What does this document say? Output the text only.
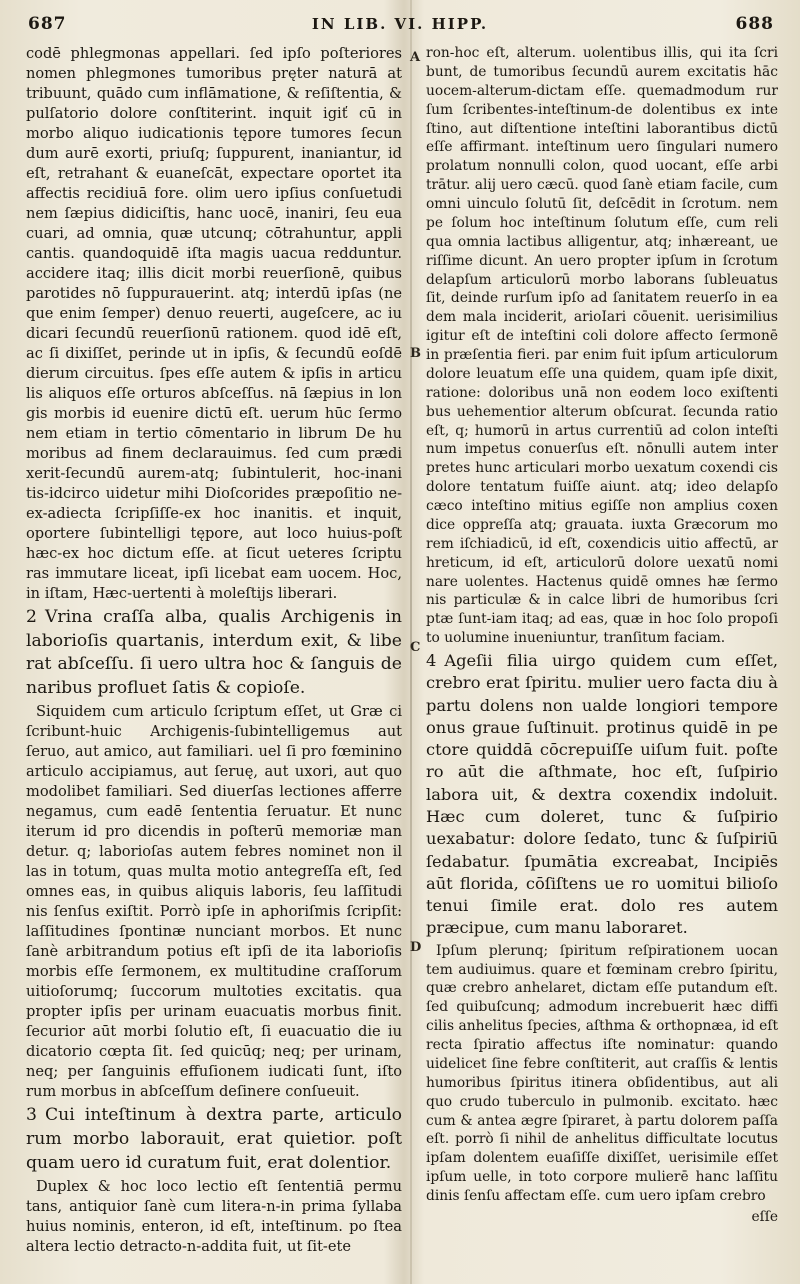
687	IN LIB. VI. HIPP.	688
A
B
C
D

codē phlegmonas appellari. ſed ipſo poſteriores nomen phlegmones tumoribus pręter naturā at tribuunt, quādo cum inflāmatione, & reſiſtentia, & pulſatorio dolore conſtiterint. inquit igiť cū in morbo aliquo iudicationis tępore tumores ſecun dum aurē exorti, priuſq; ſuppurent, inaniantur, id eſt, retrahant & euaneſcāt, expectare oportet ita affectis recidiuā fore. olim uero ipſius conſuetudi nem ſæpius didiciſtis, hanc uocē, inaniri, ſeu eua cuari, ad omnia, quæ utcunq; cōtrahuntur, appli cantis. quandoquidē iſta magis uacua redduntur. accidere itaq; illis dicit morbi reuerſionē, quibus parotides nō ſuppurauerint. atq; interdū ipſas (ne que enim ſemper) denuo reuerti, augeſcere, ac iu dicari ſecundū reuerſionū rationem. quod idē eſt, ac ſi dixiſſet, perinde ut in ipſis, & ſecundū eoſdē dierum circuitus. ſpes eſſe autem & ipſis in articu lis aliquos eſſe orturos abſceſſus. nā ſæpius in lon gis morbis id euenire dictū eſt. uerum hūc ſermo nem etiam in tertio cōmentario in librum De hu moribus ad finem declarauimus. ſed cum prædi xerit-ſecundū aurem-atq; ſubintulerit, hoc-inani tis-idcirco uidetur mihi Dioſcorides præpoſitio ne-ex-adiecta ſcripſiſſe-ex hoc inanitis. et inquit, oportere ſubintelligi tępore, aut loco huius-poſt hæc-ex hoc dictum eſſe. at ſicut ueteres ſcriptu ras immutare liceat, ipſi licebat eam uocem. Hoc, in iſtam, Hæc-uertenti à moleſtijs liberari.

2 Vrina craſſa alba, qualis Archigenis in laborioſis quartanis, interdum exit, & libe rat abſceſſu. ſi uero ultra hoc & ſanguis de naribus profluet ſatis & copioſe.

Siquidem cum articulo ſcriptum eſſet, ut Græ ci ſcribunt-huic Archigenis-ſubintelligemus aut ſeruo, aut amico, aut familiari. uel ſi pro fœminino articulo accipiamus, aut ſeruę, aut uxori, aut quo modolibet familiari. Sed diuerſas lectiones afferre negamus, cum eadē ſententia ſeruatur. Et nunc iterum id pro dicendis in poſterū memoriæ man detur. q; laborioſas autem febres nominet non il las in totum, quas multa motio antegreſſa eſt, ſed omnes eas, in quibus aliquis laboris, ſeu laſſitudi nis ſenſus exiſtit. Porrò ipſe in aphoriſmis ſcripſit: laſſitudines ſpontinæ nunciant morbos. Et nunc ſanè arbitrandum potius eſt ipſi de ita laborioſis morbis eſſe ſermonem, ex multitudine craſſorum uitioſorumq; ſuccorum multoties excitatis. qua propter ipſis per urinam euacuatis morbus finit. ſecurior aūt morbi ſolutio eſt, ſi euacuatio die iu dicatorio cœpta ſit. ſed quicūq; neq; per urinam, neq; per ſanguinis effuſionem iudicati ſunt, iſto rum morbus in abſceſſum deſinere conſueuit.

3 Cui inteſtinum à dextra parte, articulo rum morbo laborauit, erat quietior. poſt quam uero id curatum fuit, erat dolentior.

Duplex & hoc loco lectio eſt ſententiā permu tans, antiquior ſanè cum litera-n-in prima ſyllaba huius nominis, enteron, id eſt, inteſtinum. po ſtea altera lectio detracto-n-addita fuit, ut ſit-ete

ron-hoc eſt, alterum. uolentibus illis, qui ita ſcri bunt, de tumoribus ſecundū aurem excitatis hāc uocem-alterum-dictam eſſe. quemadmodum rur ſum ſcribentes-inteſtinum-de dolentibus ex inte ſtino, aut diſtentione inteſtini laborantibus dictū eſſe affirmant. inteſtinum uero ſingulari numero prolatum nonnulli colon, quod uocant, eſſe arbi trātur. alij uero cæcū. quod ſanè etiam facile, cum omni uinculo ſolutū ſit, deſcēdit in ſcrotum. nem pe ſolum hoc inteſtinum ſolutum eſſe, cum reli qua omnia lactibus alligentur, atq; inhæreant, ue riſſime dicunt. An uero propter ipſum in ſcrotum delapſum articulorū morbo laborans ſubleuatus ſit, deinde rurſum ipſo ad ſanitatem reuerſo in ea dem mala inciderit, arioIari cōuenit. uerisimilius igitur eſt de inteſtini coli dolore affecto ſermonē in præſentia fieri. par enim fuit ipſum articulorum dolore leuatum eſſe una quidem, quam ipſe dixit, ratione: doloribus unā non eodem loco exiſtenti bus uehementior alterum obſcurat. ſecunda ratio eſt, q; humorū in artus currentiū ad colon inteſti num impetus conuerſus eſt. nōnulli autem inter pretes hunc articulari morbo uexatum coxendi cis dolore tentatum fuiſſe aiunt. atq; ideo delapſo cæco inteſtino mitius egiſſe non amplius coxen dice oppreſſa atq; grauata. iuxta Græcorum mo rem iſchiadicū, id eſt, coxendicis uitio affectū, ar hreticum, id eſt, articulorū dolore uexatū nomi nare uolentes. Hactenus quidē omnes hæ ſermo nis particulæ & in calce libri de humoribus ſcri ptæ ſunt-iam itaq; ad eas, quæ in hoc ſolo propoſi to uolumine inueniuntur, tranſitum faciam.

4 Ageſii filia uirgo quidem cum eſſet, crebro erat ſpiritu. mulier uero facta diu à partu dolens non ualde longiori tempore onus graue ſuſtinuit. protinus quidē in pe ctore quiddā cōcrepuiſſe uiſum fuit. poſte ro aūt die aſthmate, hoc eſt, ſuſpirio labora uit, & dextra coxendix indoluit. Hæc cum doleret, tunc & ſuſpirio uexabatur: dolore ſedato, tunc & ſuſpiriū ſedabatur. ſpumātia excreabat, Incipiēs aūt florida, cōſiſtens ue ro uomitui bilioſo tenui ſimile erat. dolo res autem præcipue, cum manu laboraret.

Ipſum plerunq; ſpiritum reſpirationem uocan tem audiuimus. quare et fœminam crebro ſpiritu, quæ crebro anhelaret, dictam eſſe putandum eſt. ſed quibuſcunq; admodum increbuerit hæc diffi cilis anhelitus ſpecies, aſthma & orthopnæa, id eſt recta ſpiratio affectus iſte nominatur: quando uidelicet ſine febre conſtiterit, aut craſſis & lentis humoribus ſpiritus itinera obſidentibus, aut ali quo crudo tuberculo in pulmonib. excitato. hæc cum & antea ægre ſpiraret, à partu dolorem paſſa eſt. porrò ſi nihil de anhelitus difficultate locutus ipſam dolentem euaſiſſe dixiſſet, uerisimile eſſet ipſum uelle, in toto corpore mulierē hanc laſſitu dinis ſenſu affectam eſſe. cum uero ipſam crebro

eſſe
